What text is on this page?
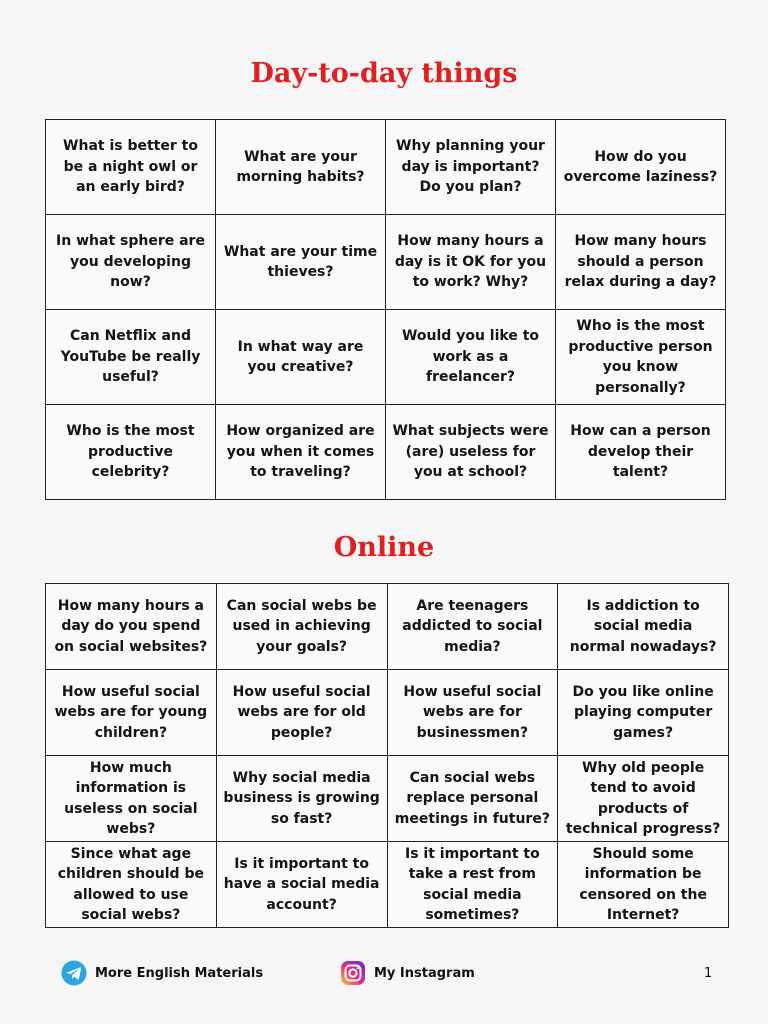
Day-to-day things
What is better to be a night owl or an early bird?	What are your morning habits?	Why planning your day is important? Do you plan?	How do you overcome laziness?
In what sphere are you developing now?	What are your time thieves?	How many hours a day is it OK for you to work? Why?	How many hours should a person relax during a day?
Can Netflix and YouTube be really useful?	In what way are you creative?	Would you like to work as a freelancer?	Who is the most productive person you know personally?
Who is the most productive celebrity?	How organized are you when it comes to traveling?	What subjects were (are) useless for you at school?	How can a person develop their talent?
Online
How many hours a day do you spend on social websites?	Can social webs be used in achieving your goals?	Are teenagers addicted to social media?	Is addiction to social media normal nowadays?
How useful social webs are for young children?	How useful social webs are for old people?	How useful social webs are for businessmen?	Do you like online playing computer games?
How much information is useless on social webs?	Why social media business is growing so fast?	Can social webs replace personal meetings in future?	Why old people tend to avoid products of technical progress?
Since what age children should be allowed to use social webs?	Is it important to have a social media account?	Is it important to take a rest from social media sometimes?	Should some information be censored on the Internet?
More English Materials	My Instagram	1
